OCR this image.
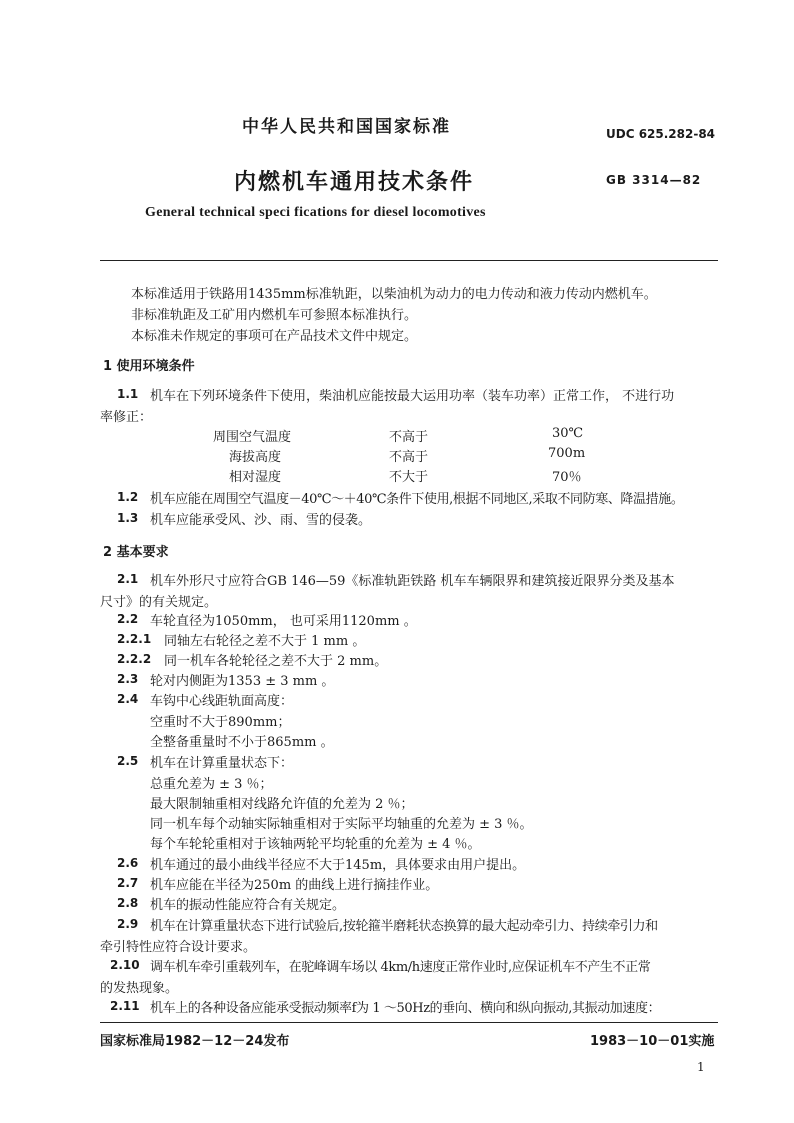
中华人民共和国国家标准	UDC 625.282-84
内燃机车通用技术条件	GB 3314—82
General technical speci fications for diesel locomotives
本标准适用于铁路用1435mm标准轨距，以柴油机为动力的电力传动和液力传动内燃机车。
非标准轨距及工矿用内燃机车可参照本标准执行。
本标准未作规定的事项可在产品技术文件中规定。
1 使用环境条件
1.1 机车在下列环境条件下使用，柴油机应能按最大运用功率（装车功率）正常工作， 不进行功
率修正：
周围空气温度	不高于	30℃
海拔高度	不高于	700m
相对湿度	不大于	70％
1.2 机车应能在周围空气温度－40℃～＋40℃条件下使用,根据不同地区,采取不同防寒、降温措施。
1.3 机车应能承受风、沙、雨、雪的侵袭。
2 基本要求
2.1 机车外形尺寸应符合GB 146—59《标准轨距铁路 机车车辆限界和建筑接近限界分类及基本
尺寸》的有关规定。
2.2 车轮直径为1050mm， 也可采用1120mm 。
2.2.1 同轴左右轮径之差不大于 1 mm 。
2.2.2 同一机车各轮轮径之差不大于 2 mm。
2.3 轮对内侧距为1353 ± 3 mm 。
2.4 车钩中心线距轨面高度：
空重时不大于890mm；
全整备重量时不小于865mm 。
2.5 机车在计算重量状态下：
总重允差为 ± 3 ％；
最大限制轴重相对线路允许值的允差为 2 ％；
同一机车每个动轴实际轴重相对于实际平均轴重的允差为 ± 3 ％。
每个车轮轮重相对于该轴两轮平均轮重的允差为 ± 4 ％。
2.6 机车通过的最小曲线半径应不大于145m，具体要求由用户提出。
2.7 机车应能在半径为250m 的曲线上进行摘挂作业。
2.8 机车的振动性能应符合有关规定。
2.9 机车在计算重量状态下进行试验后,按轮箍半磨耗状态换算的最大起动牵引力、持续牵引力和
牵引特性应符合设计要求。
2.10 调车机车牵引重载列车，在驼峰调车场以 4km/h速度正常作业时,应保证机车不产生不正常
的发热现象。
2.11 机车上的各种设备应能承受振动频率f为 1 ～50Hz的垂向、横向和纵向振动,其振动加速度：
国家标准局1982－12－24发布	1983－10－01实施
1
